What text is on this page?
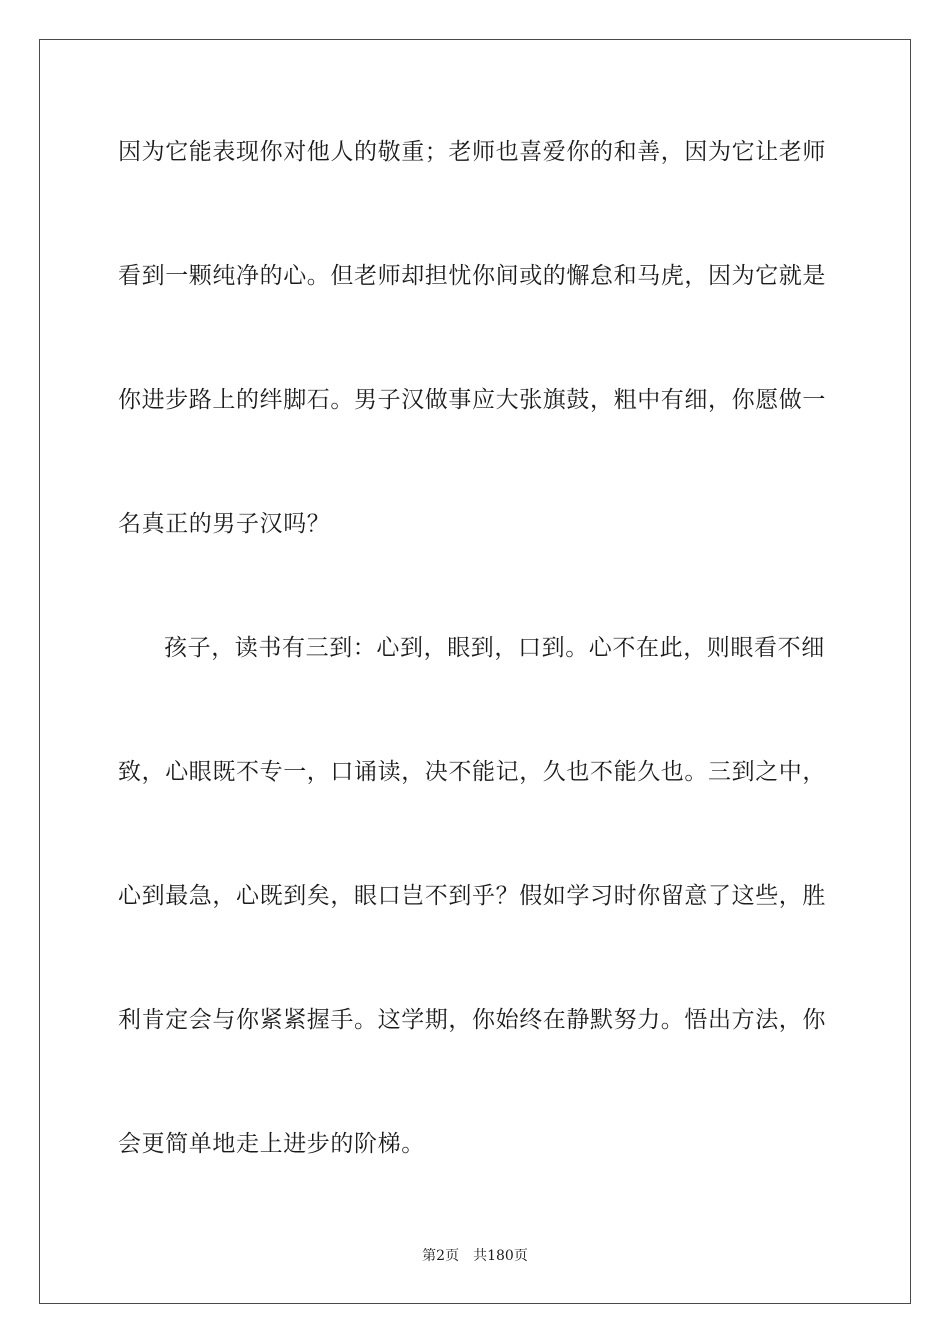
因为它能表现你对他人的敬重；老师也喜爱你的和善，因为它让老师
看到一颗纯净的心。但老师却担忧你间或的懈怠和马虎，因为它就是
你进步路上的绊脚石。男子汉做事应大张旗鼓，粗中有细，你愿做一
名真正的男子汉吗？
孩子，读书有三到：心到，眼到，口到。心不在此，则眼看不细
致，心眼既不专一，口诵读，决不能记，久也不能久也。三到之中，
心到最急，心既到矣，眼口岂不到乎？假如学习时你留意了这些，胜
利肯定会与你紧紧握手。这学期，你始终在静默努力。悟出方法，你
会更简单地走上进步的阶梯。
第2页 共180页
